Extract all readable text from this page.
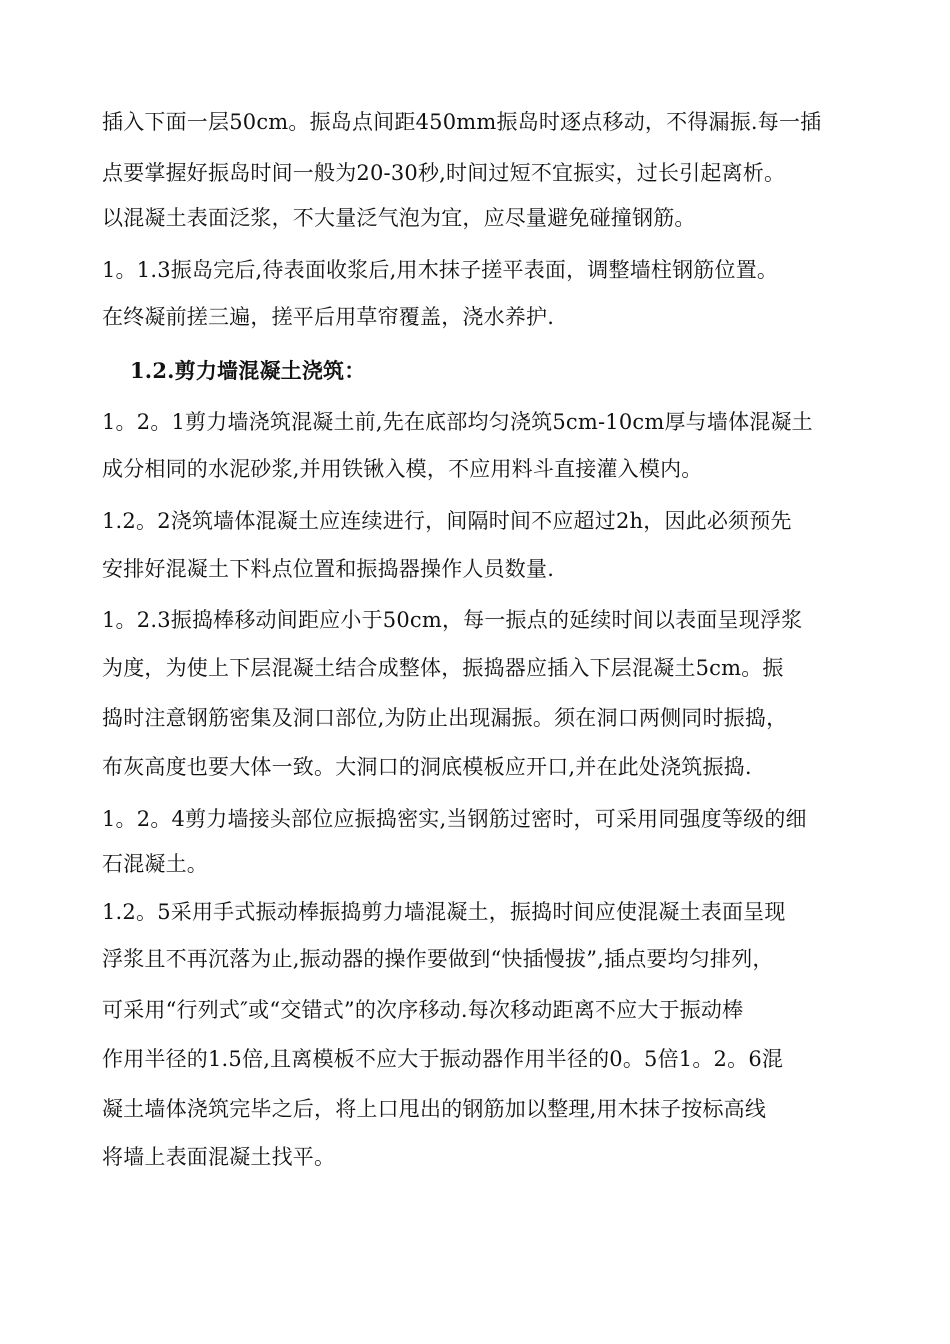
插入下面一层50cm。振岛点间距450mm振岛时逐点移动，不得漏振.每一插
点要掌握好振岛时间一般为20-30秒,时间过短不宜振实，过长引起离析。
以混凝土表面泛浆，不大量泛气泡为宜，应尽量避免碰撞钢筋。
1。1.3振岛完后,待表面收浆后,用木抹子搓平表面，调整墙柱钢筋位置。
在终凝前搓三遍，搓平后用草帘覆盖，浇水养护.
1.2.剪力墙混凝土浇筑：
1。2。1剪力墙浇筑混凝土前,先在底部均匀浇筑5cm-10cm厚与墙体混凝土
成分相同的水泥砂浆,并用铁锹入模，不应用料斗直接灌入模内。
1.2。2浇筑墙体混凝土应连续进行，间隔时间不应超过2h，因此必须预先
安排好混凝土下料点位置和振捣器操作人员数量.
1。2.3振捣棒移动间距应小于50cm，每一振点的延续时间以表面呈现浮浆
为度，为使上下层混凝土结合成整体，振捣器应插入下层混凝土5cm。振
捣时注意钢筋密集及洞口部位,为防止出现漏振。须在洞口两侧同时振捣，
布灰高度也要大体一致。大洞口的洞底模板应开口,并在此处浇筑振捣.
1。2。4剪力墙接头部位应振捣密实,当钢筋过密时，可采用同强度等级的细
石混凝土。
1.2。5采用手式振动棒振捣剪力墙混凝土，振捣时间应使混凝土表面呈现
浮浆且不再沉落为止,振动器的操作要做到“快插慢拔”,插点要均匀排列，
可采用“行列式″或“交错式”的次序移动.每次移动距离不应大于振动棒
作用半径的1.5倍,且离模板不应大于振动器作用半径的0。5倍1。2。6混
凝土墙体浇筑完毕之后，将上口甩出的钢筋加以整理,用木抹子按标高线
将墙上表面混凝土找平。
